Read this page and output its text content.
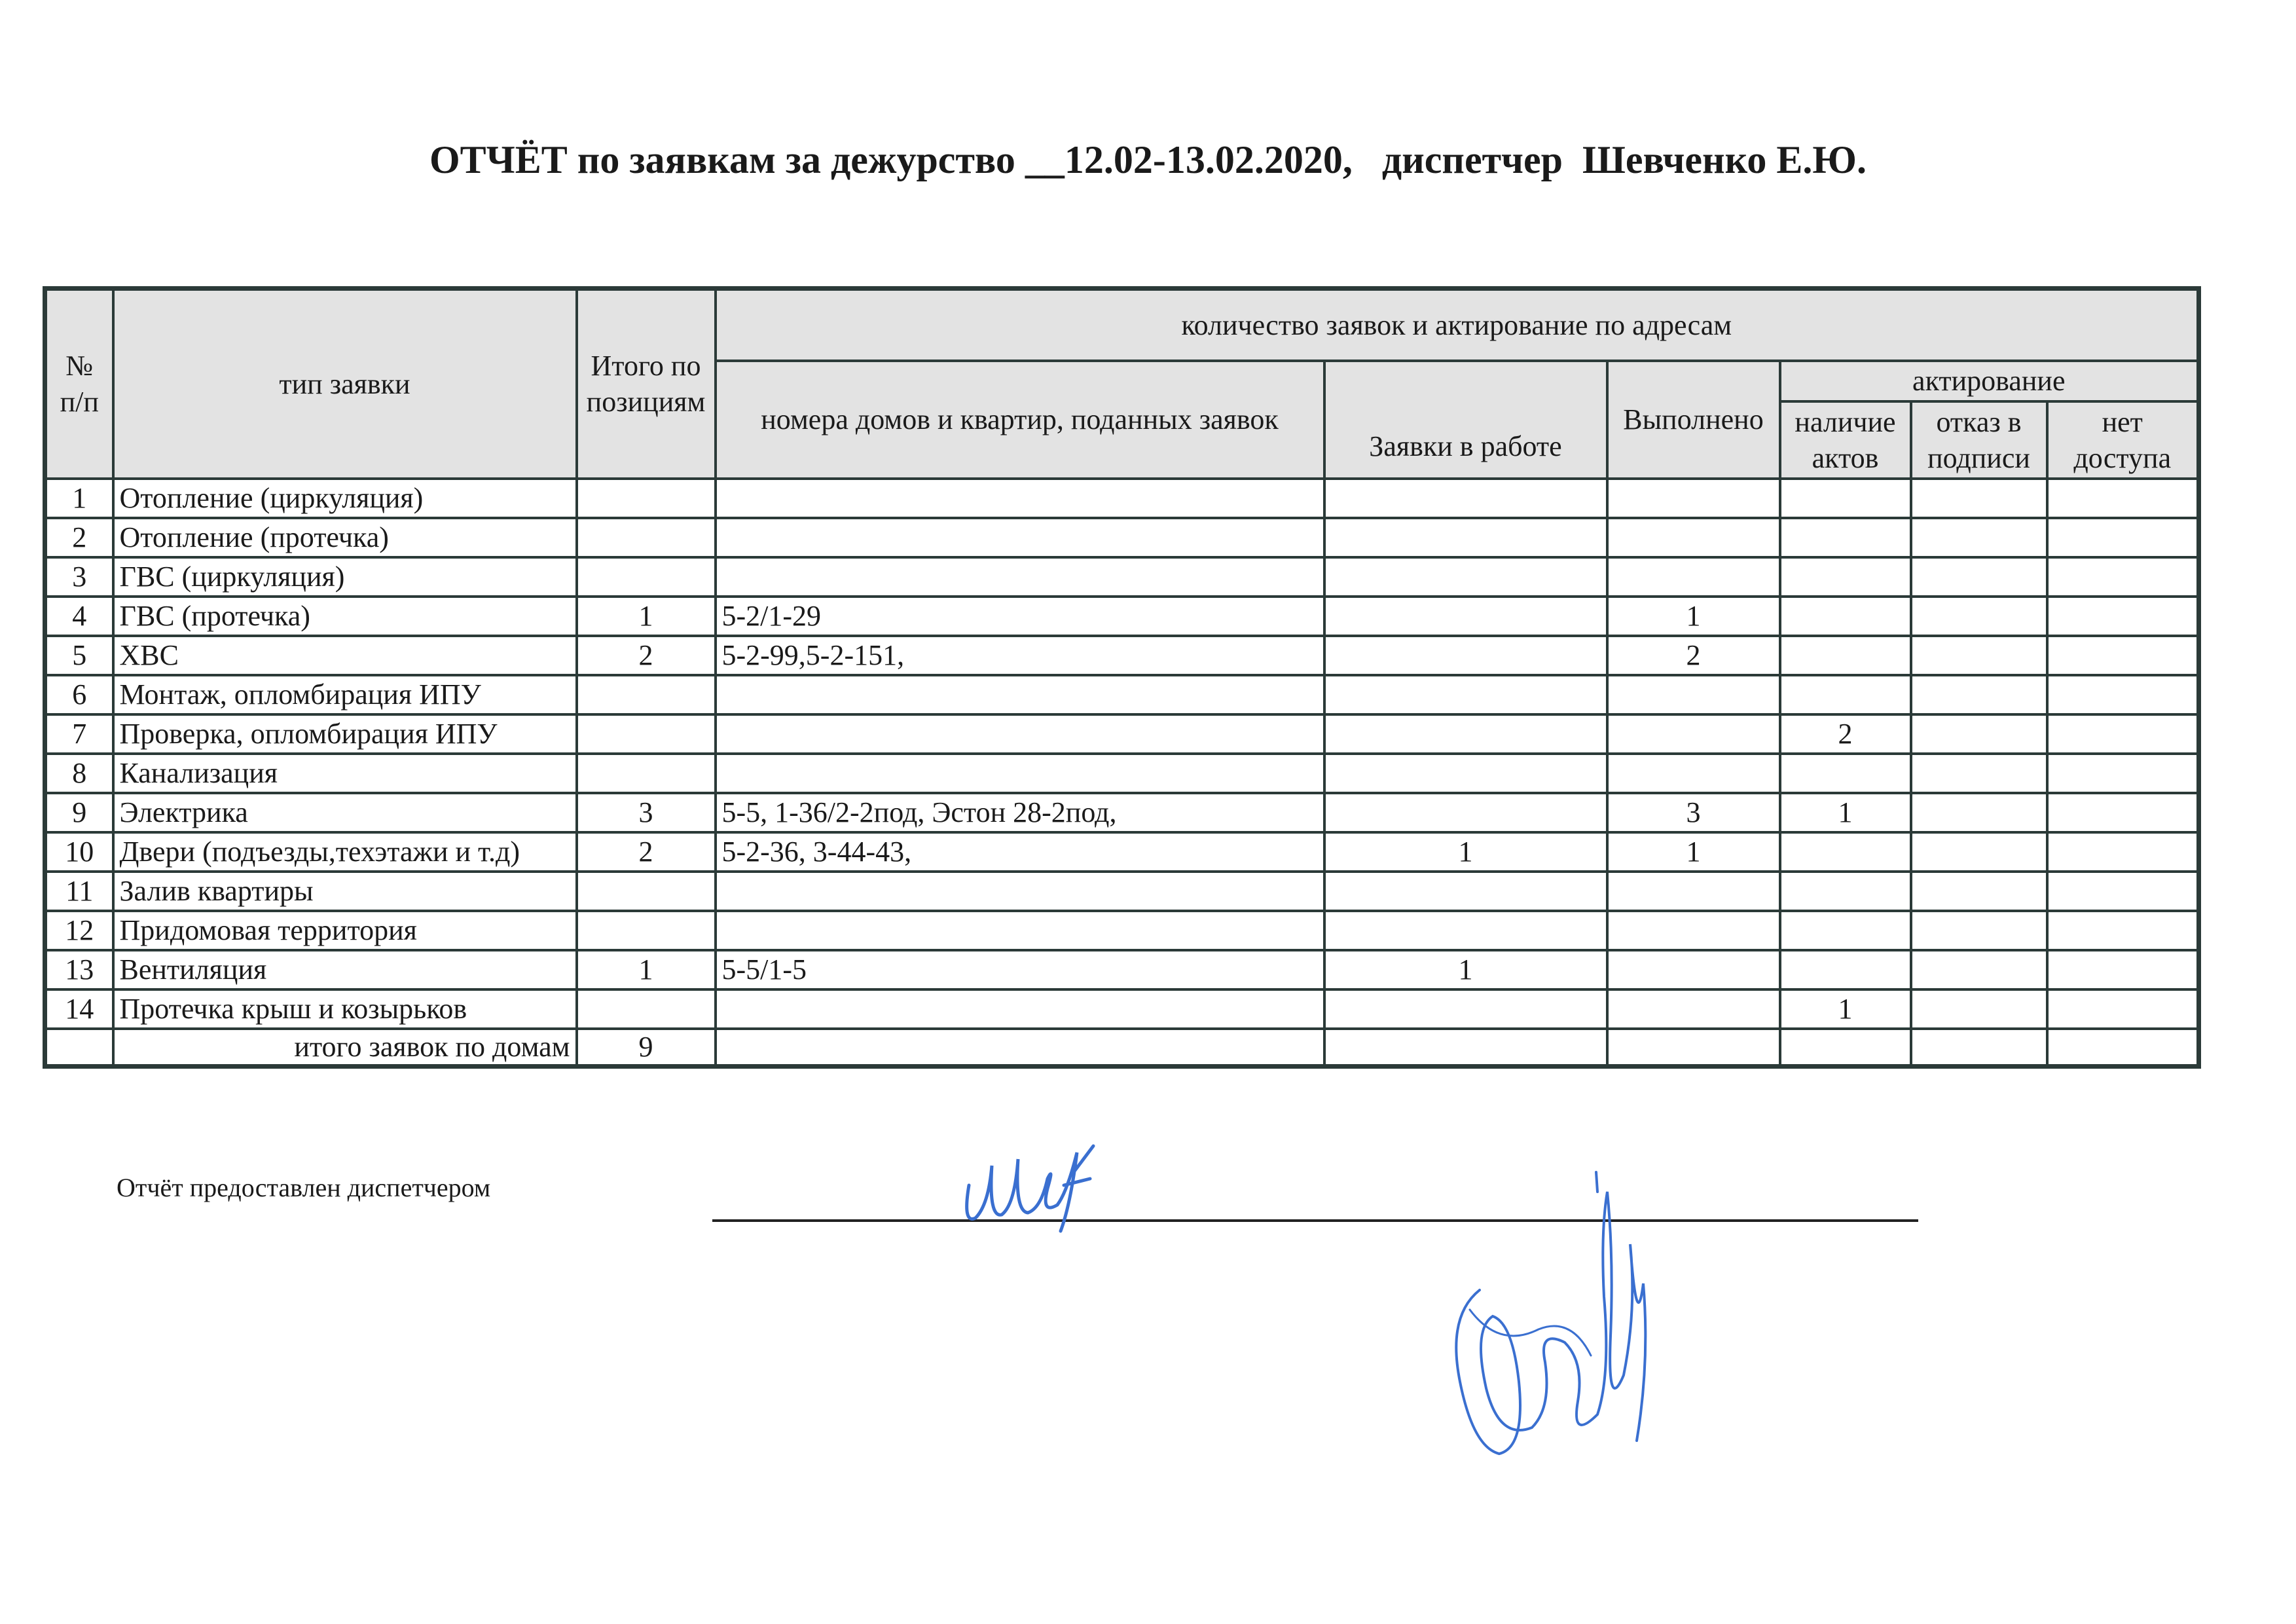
ОТЧЁТ по заявкам за дежурство __12.02-13.02.2020,   диспетчер  Шевченко Е.Ю.
№ п/п	тип заявки	Итого по позициям	количество заявок и актирование по адресам					
			номера домов и квартир, поданных заявок	Заявки в работе	Выполнено	актирование		
						наличие актов	отказ в подписи	нет доступа
1	Отопление (циркуляция)							
2	Отопление (протечка)							
3	ГВС (циркуляция)							
4	ГВС (протечка)	1	5-2/1-29		1			
5	ХВС	2	5-2-99,5-2-151,		2			
6	Монтаж, опломбирация ИПУ							
7	Проверка, опломбирация ИПУ					2		
8	Канализация							
9	Электрика	3	5-5, 1-36/2-2под, Эстон 28-2под,		3	1		
10	Двери (подъезды,техэтажи и т.д)	2	5-2-36, 3-44-43,	1	1			
11	Залив квартиры							
12	Придомовая территория							
13	Вентиляция	1	5-5/1-5	1				
14	Протечка крыш и козырьков					1		
	итого заявок по домам	9						
Отчёт предоставлен диспетчером
